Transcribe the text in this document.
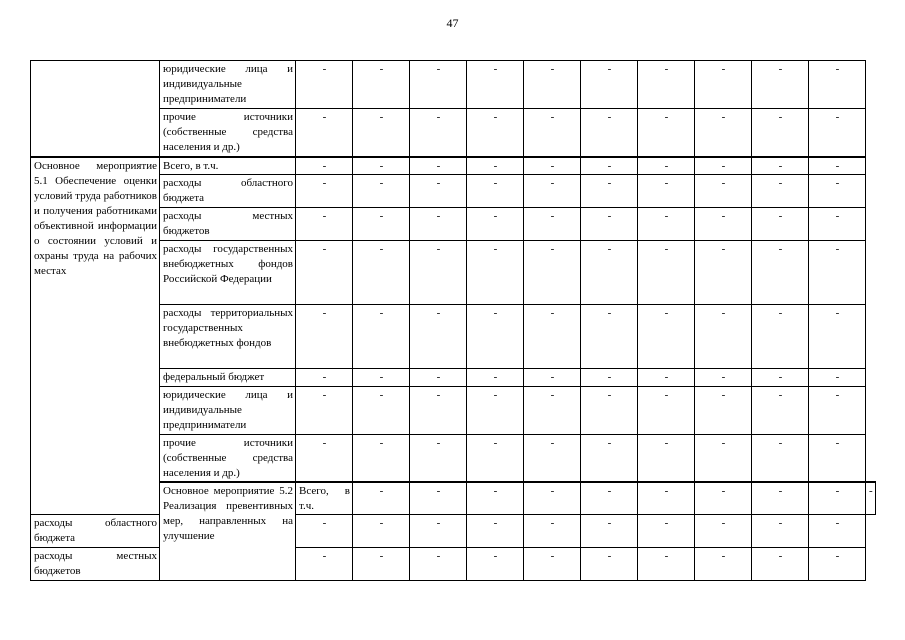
47
	юридические лица и индивидуальные предприниматели	-	-	-	-	-	-	-	-	-	-	
	прочие источники (собственные средства населения и др.)	-	-	-	-	-	-	-	-	-	-	
Основное мероприятие 5.1 Обеспечение оценки условий труда работников и получения работниками объективной информации о состоянии условий и охраны труда на рабочих местах	Всего, в т.ч.	-	-	-	-	-	-	-	-	-	-	
	расходы областного бюджета	-	-	-	-	-	-	-	-	-	-	
	расходы местных бюджетов	-	-	-	-	-	-	-	-	-	-	
	расходы государственных внебюджетных фондов Российской Федерации	-	-	-	-	-	-	-	-	-	-	
	расходы территориальных государственных внебюджетных фондов	-	-	-	-	-	-	-	-	-	-	
	федеральный бюджет	-	-	-	-	-	-	-	-	-	-	
	юридические лица и индивидуальные предприниматели	-	-	-	-	-	-	-	-	-	-	
	прочие источники (собственные средства населения и др.)	-	-	-	-	-	-	-	-	-	-	
	Основное мероприятие 5.2 Реализация превентивных мер, направленных на улучшение	Всего, в т.ч.	-	-	-	-	-	-	-	-	-	-
расходы областного бюджета		-	-	-	-	-	-	-	-	-	-	
расходы местных бюджетов		-	-	-	-	-	-	-	-	-	-	
